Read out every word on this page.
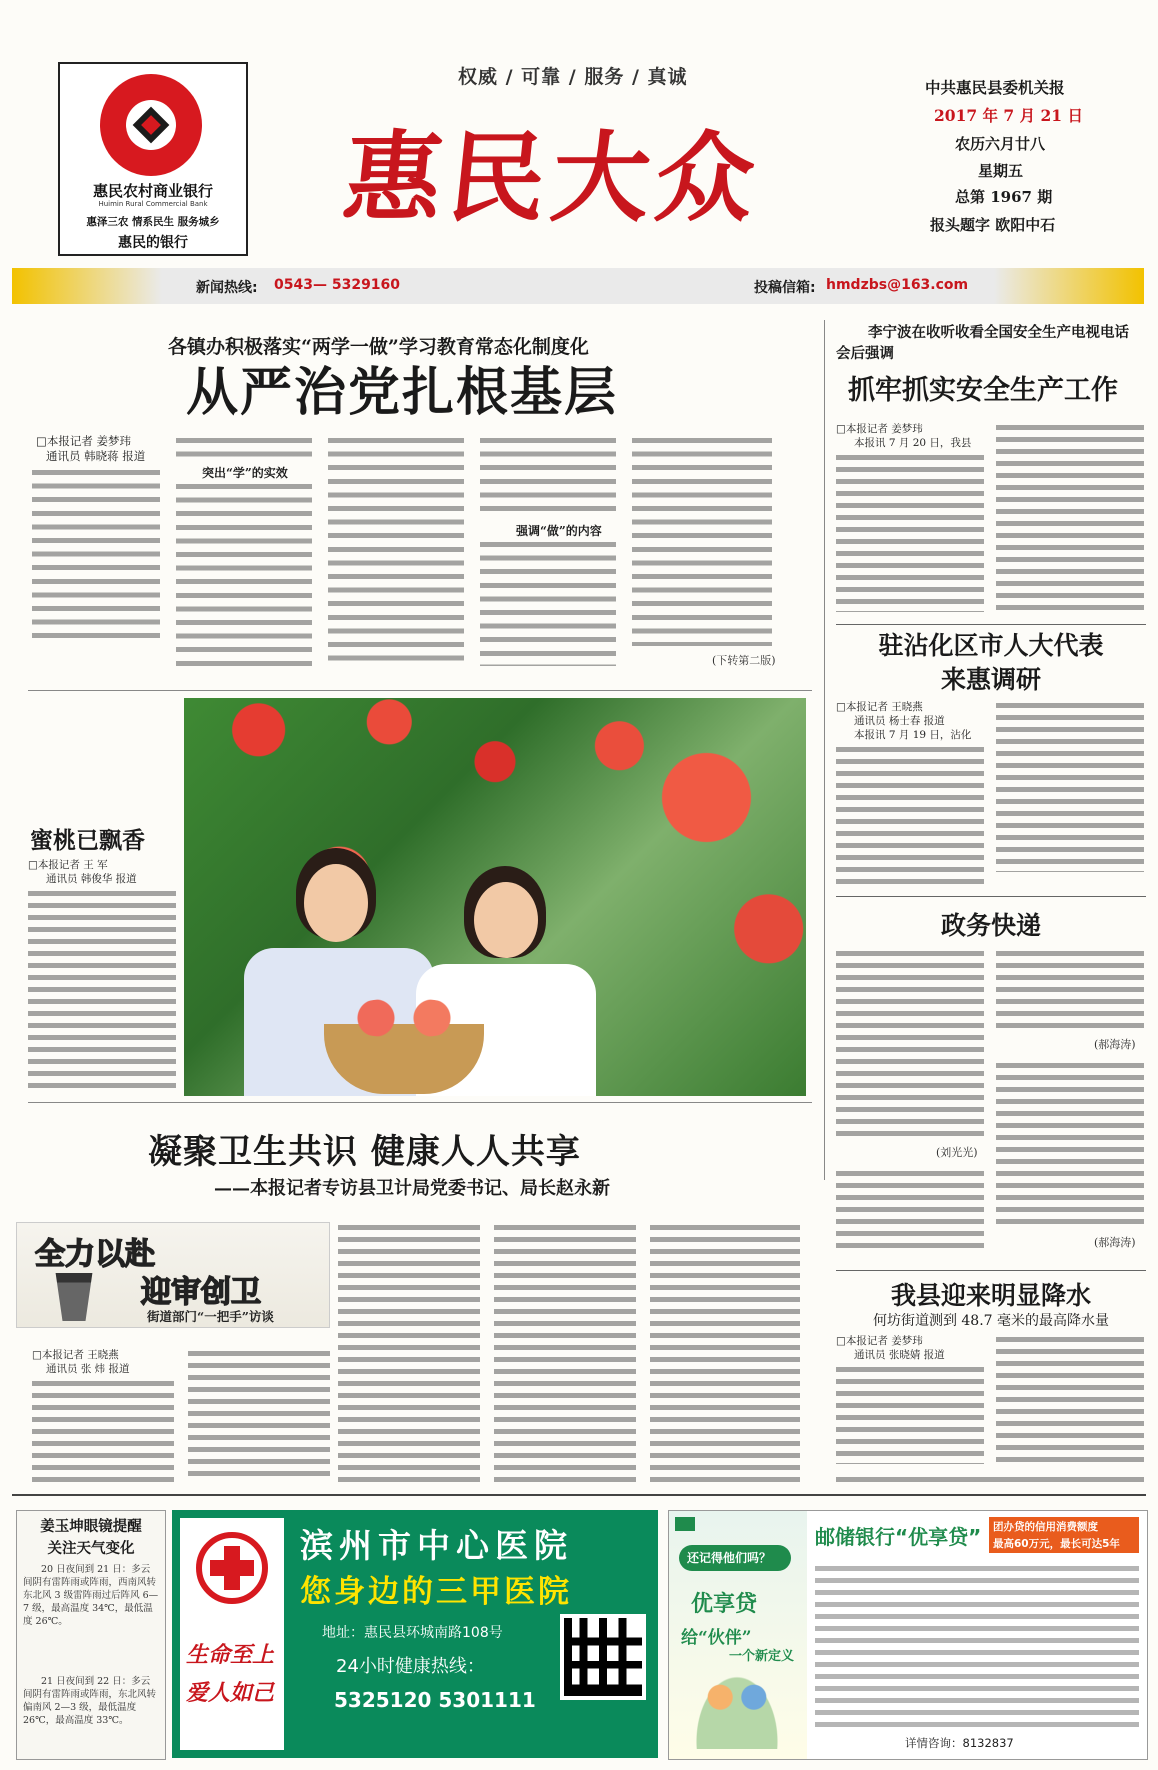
惠民农村商业银行
Huimin Rural Commercial Bank
惠泽三农 情系民生 服务城乡
惠民的银行
权威 / 可靠 / 服务 / 真诚
惠民大众
中共惠民县委机关报
2017 年 7 月 21 日
农历六月廿八
星期五
总第 1967 期
报头题字 欧阳中石
新闻热线: 0543— 5329160	投稿信箱: hmdzbs@163.com
各镇办积极落实“两学一做”学习教育常态化制度化
从严治党扎根基层
□本报记者 姜梦玮
通讯员 韩晓蒋 报道
突出“学”的实效
强调“做”的内容
(下转第二版)
李宁波在收听收看全国安全生产电视电话会后强调
抓牢抓实安全生产工作
□本报记者 姜梦玮
本报讯 7 月 20 日，我县
驻沾化区市人大代表
来惠调研
□本报记者 王晓燕
通讯员 杨士春 报道
本报讯 7 月 19 日，沾化
政务快递
(刘光光)
(郝海涛)
(郝海涛)
我县迎来明显降水
何坊街道测到 48.7 毫米的最高降水量
□本报记者 姜梦玮
通讯员 张晓婧 报道
蜜桃已飘香
□本报记者 王 军
通讯员 韩俊华 报道
凝聚卫生共识 健康人人共享
——本报记者专访县卫计局党委书记、局长赵永新
全力以赴
迎审创卫
街道部门“一把手”访谈
□本报记者 王晓燕
通讯员 张 炜 报道
姜玉坤眼镜提醒
关注天气变化
20 日夜间到 21 日：多云间阴有雷阵雨或阵雨，西南风转东北风 3 级雷阵雨过后阵风 6—7 级，最高温度 34℃，最低温度 26℃。
21 日夜间到 22 日：多云间阴有雷阵雨或阵雨，东北风转偏南风 2—3 级，最低温度 26℃，最高温度 33℃。
生命至上
爱人如己
滨州市中心医院
您身边的三甲医院
地址：惠民县环城南路108号
24小时健康热线：
5325120 5301111
还记得他们吗？
优享贷
给“伙伴”
一个新定义
邮储银行“优享贷” 团办贷的信用消费额度
最高60万元，最长可达5年
详情咨询：8132837
